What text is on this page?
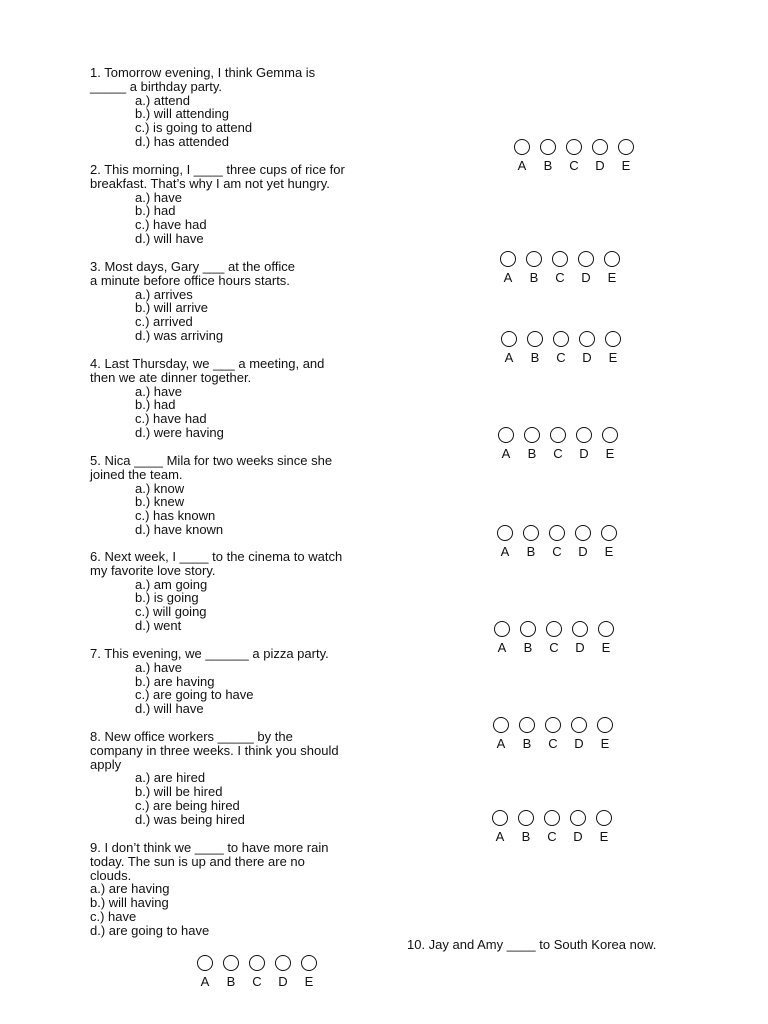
1. Tomorrow evening, I think Gemma is
_____ a birthday party.
a.) attend
b.) will attending
c.) is going to attend
d.) has attended
2. This morning, I ____ three cups of rice for
breakfast. That’s why I am not yet hungry.
a.) have
b.) had
c.) have had
d.) will have
3. Most days, Gary ___ at the office
a minute before office hours starts.
a.) arrives
b.) will arrive
c.) arrived
d.) was arriving
4. Last Thursday, we ___ a meeting, and
then we ate dinner together.
a.) have
b.) had
c.) have had
d.) were having
5. Nica ____ Mila for two weeks since she
joined the team.
a.) know
b.) knew
c.) has known
d.) have known
6. Next week, I ____ to the cinema to watch
my favorite love story.
a.) am going
b.) is going
c.) will going
d.) went
7. This evening, we ______ a pizza party.
a.) have
b.) are having
c.) are going to have
d.) will have
8. New office workers _____ by the
company in three weeks. I think you should
apply
a.) are hired
b.) will be hired
c.) are being hired
d.) was being hired
9. I don’t think we ____ to have more rain
today. The sun is up and there are no
clouds.
a.) are having
b.) will having
c.) have
d.) are going to have
10. Jay and Amy ____ to South Korea now.
A B C D E
A B C D E
A B C D E
A B C D E
A B C D E
A B C D E
A B C D E
A B C D E
A B C D E
